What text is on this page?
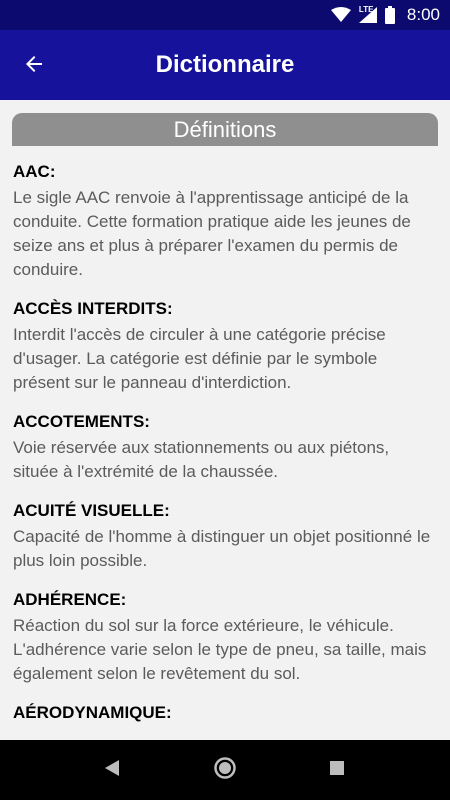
LTE 8:00
Dictionnaire
Définitions
AAC:
Le sigle AAC renvoie à l'apprentissage anticipé de la conduite. Cette formation pratique aide les jeunes de seize ans et plus à préparer l'examen du permis de conduire.
ACCÈS INTERDITS:
Interdit l'accès de circuler à une catégorie précise d'usager. La catégorie est définie par le symbole présent sur le panneau d'interdiction.
ACCOTEMENTS:
Voie réservée aux stationnements ou aux piétons, située à l'extrémité de la chaussée.
ACUITÉ VISUELLE:
Capacité de l'homme à distinguer un objet positionné le plus loin possible.
ADHÉRENCE:
Réaction du sol sur la force extérieure, le véhicule. L'adhérence varie selon le type de pneu, sa taille, mais également selon le revêtement du sol.
AÉRODYNAMIQUE:
